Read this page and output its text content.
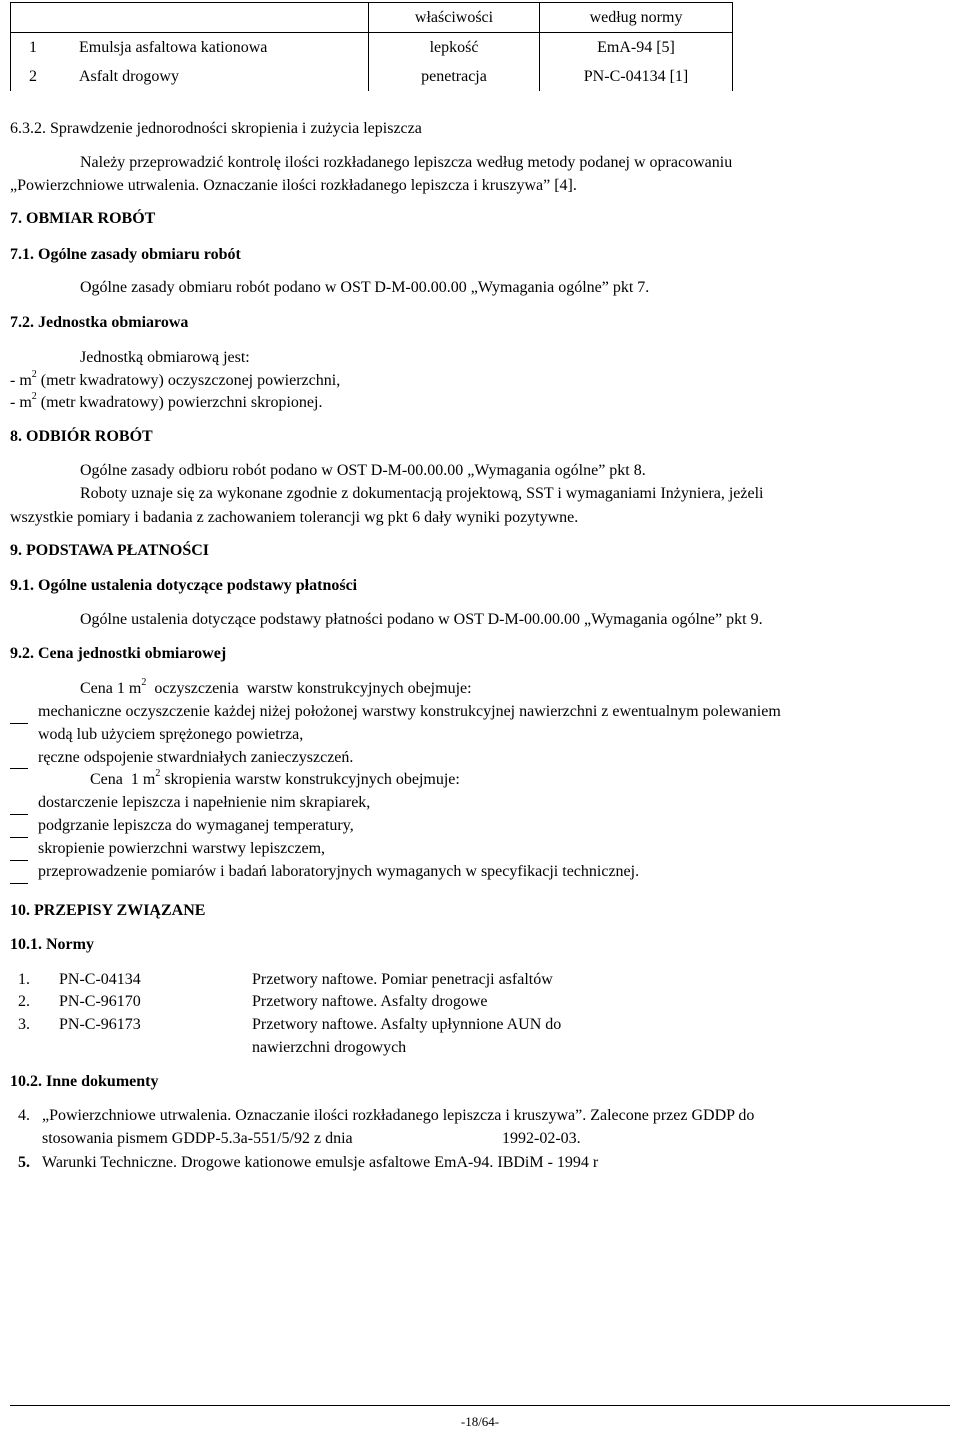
		właściwości	według normy
1	Emulsja asfaltowa kationowa	lepkość	EmA-94 [5]
2	Asfalt drogowy	penetracja	PN-C-04134 [1]
6.3.2. Sprawdzenie jednorodności skropienia i zużycia lepiszcza
Należy przeprowadzić kontrolę ilości rozkładanego lepiszcza według metody podanej w opracowaniu
„Powierzchniowe utrwalenia. Oznaczanie ilości rozkładanego lepiszcza i kruszywa” [4].
7. OBMIAR ROBÓT
7.1. Ogólne zasady obmiaru robót
Ogólne zasady obmiaru robót podano w OST D-M-00.00.00 „Wymagania ogólne” pkt 7.
7.2. Jednostka obmiarowa
Jednostką obmiarową jest:
- $m^2$ (metr kwadratowy) oczyszczonej powierzchni,
- $m^2$ (metr kwadratowy) powierzchni skropionej.
8. ODBIÓR ROBÓT
Ogólne zasady odbioru robót podano w OST D-M-00.00.00 „Wymagania ogólne” pkt 8.
Roboty uznaje się za wykonane zgodnie z dokumentacją projektową, SST i wymaganiami Inżyniera, jeżeli
wszystkie pomiary i badania z zachowaniem tolerancji wg pkt 6 dały wyniki pozytywne.
9. PODSTAWA PŁATNOŚCI
9.1. Ogólne ustalenia dotyczące podstawy płatności
Ogólne ustalenia dotyczące podstawy płatności podano w OST D-M-00.00.00 „Wymagania ogólne” pkt 9.
9.2. Cena jednostki obmiarowej
Cena 1 $m^2$  oczyszczenia  warstw konstrukcyjnych obejmuje:
mechaniczne oczyszczenie każdej niżej położonej warstwy konstrukcyjnej nawierzchni z ewentualnym polewaniem
wodą lub użyciem sprężonego powietrza,
ręczne odspojenie stwardniałych zanieczyszczeń.
Cena  1 $m^2$ skropienia warstw konstrukcyjnych obejmuje:
dostarczenie lepiszcza i napełnienie nim skrapiarek,
podgrzanie lepiszcza do wymaganej temperatury,
skropienie powierzchni warstwy lepiszczem,
przeprowadzenie pomiarów i badań laboratoryjnych wymaganych w specyfikacji technicznej.
10. PRZEPISY ZWIĄZANE
10.1. Normy
1. PN-C-04134	Przetwory naftowe. Pomiar penetracji asfaltów
2. PN-C-96170	Przetwory naftowe. Asfalty drogowe
3. PN-C-96173	Przetwory naftowe. Asfalty upłynnione AUN do
nawierzchni drogowych
10.2. Inne dokumenty
4. „Powierzchniowe utrwalenia. Oznaczanie ilości rozkładanego lepiszcza i kruszywa”. Zalecone przez GDDP do
stosowania pismem GDDP-5.3a-551/5/92 z dnia	1992-02-03.
5. Warunki Techniczne. Drogowe kationowe emulsje asfaltowe EmA-94. IBDiM - 1994 r
-18/64-
